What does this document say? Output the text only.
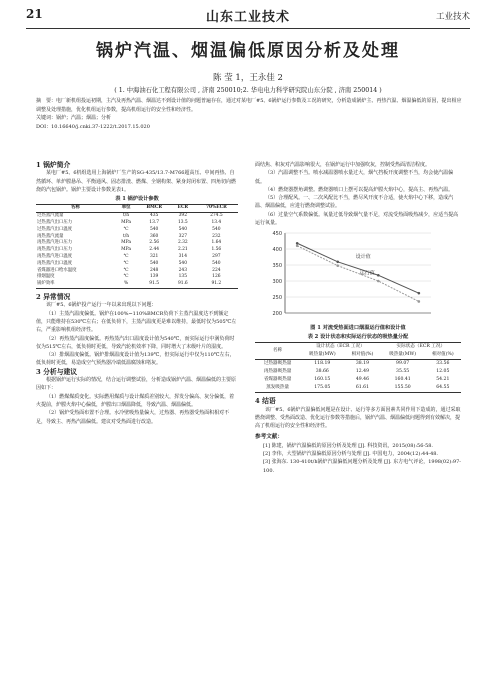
21	山东工业技术	工业技术
锅炉汽温、烟温偏低原因分析及处理
陈 莹 1，王永佳 2
( 1. 中海油石化工程有限公司 , 济南 250010;2. 华电电力科学研究院山东分院 , 济南 250014 )

摘　要：电厂新机组投运初期，主汽及再热汽温、烟温达不到设计值的问题普遍存在，通过对某电厂#5、6锅炉运行参数及工况的研究，分析造成锅炉主、再热汽温、烟温偏低的原因，提出相应调整及处理措施，优化机组运行参数，提高机组运行的安全性和经济性。

关键词：锅炉；汽温；烟温；分析

DOI：10.16640/j.cnki.37-1222/t.2017.15.020

1 锅炉简介

某电厂#5、6机组选用上海锅炉厂生产的SG-435/13.7-M766超高压、中间再热、自然循环、单炉膛悬吊、平衡通风、固态排渣、燃煤、全钢构架、紧身封闭布置、四角切向燃烧的汽包锅炉。锅炉主要设计参数见表1。

表 1 锅炉设计参数
名称	单位	BMCR	ECR	70%ECR
过热蒸汽流量	t/h	435	392	274.5
过热蒸汽出口压力	MPa	13.7	13.5	13.4
过热蒸汽出口温度	℃	540	540	540
再热蒸汽流量	t/h	360	327	232
再热蒸汽进口压力	MPa	2.56	2.32	1.64
再热蒸汽出口压力	MPa	2.44	2.21	1.56
再热蒸汽进口温度	℃	321	314	297
再热蒸汽出口温度	℃	540	540	540
省煤器进口给水温度	℃	248	243	224
排烟温度	℃	139	135	126
锅炉效率	%	91.5	91.6	91.2

2 异常情况

该厂#5、6锅炉投产运行一年以来出现以下问题：

（1）主蒸汽温度偏低。锅炉在100%~110%BMCR负荷下主蒸汽温度达不到额定值，只能维持在530℃左右；在低负荷下，主蒸汽温度更是难以维持，最低时仅为505℃左右，严重影响机组经济性。

（2）再热蒸汽温度偏低。再热蒸汽出口温度设计值为540℃，而实际运行中满负荷时仅为515℃左右，低负荷时更低，导致汽轮机效率下降，同时增大了末级叶片的湿度。

（3）排烟温度偏低。锅炉排烟温度设计值为139℃，但实际运行中仅为110℃左右，低负荷时更低，易造成空气预热器冷端低温腐蚀和堵灰。

3 分析与建议

根据锅炉运行实际的情况，结合运行调整试验，分析造成锅炉汽温、烟温偏低的主要原因如下：

（1）燃煤煤质变化。实际燃用煤质与设计煤质差别较大，挥发分偏高、灰分偏低，着火提前，炉膛火焰中心偏低，炉膛出口烟温降低，导致汽温、烟温偏低。

（2）锅炉受热面布置不合理。水冷壁吸热量偏大，过热器、再热器受热面积相对不足，导致主、再热汽温偏低。建议对受热面进行改造。

面结焦、积灰对汽温影响很大，在锅炉运行中加强吹灰，控制受热面清洁程度。

（3）汽温调整不当。喷水减温器喷水量过大，烟气挡板开度调整不当，均会使汽温偏低。

（4）燃烧器摆角调整。燃烧器喷口上摆可以提高炉膛火焰中心，提高主、再热汽温。

（5）合理配风。一、二次风配比不当，燃尽风开度不合适，使火焰中心下移，造成汽温、烟温偏低，应进行燃烧调整试验。

（6）过量空气系数偏低。氧量过低导致烟气量不足，对流受热面吸热减少，应适当提高运行氧量。

450
400
350
300
250
200
设计值
运行值
图 1 对流受热面进口烟温运行值和设计值
表 2 设计状态和实际运行状态的吸热量分配
名称	设计状态（ECR 工况）		实际状态（ECR 工况）	
	吸热量(MW)	相对值(%)	吸热量(MW)	相对值(%)
过热器吸热量	118.19	38.19	99.07	33.56
再热器吸热量	38.66	12.49	35.55	12.05
省煤器吸热量	160.15	49.46	160.41	54.21
蒸发吸热量	175.05	61.61	155.50	64.55

4 结语

该厂#5、6锅炉汽温偏低问题是在设计、运行等多方面因素共同作用下造成的，通过采取燃烧调整、受热面改造、优化运行参数等措施后，锅炉汽温、烟温偏低问题得到有效解决，提高了机组运行的安全性和经济性。

参考文献：

[1] 陈建，锅炉汽温偏低的原因分析及处理 [J]. 科技资讯，2015(08):56-58.

[2] 李伟，大型锅炉汽温偏低原因分析与处理 [J]. 中国电力，2004(12):44-48.

[3] 张海东. 130-410t/h锅炉汽温偏低问题分析及处理 [J]. 东方电气评论，1998(02):97-100.
